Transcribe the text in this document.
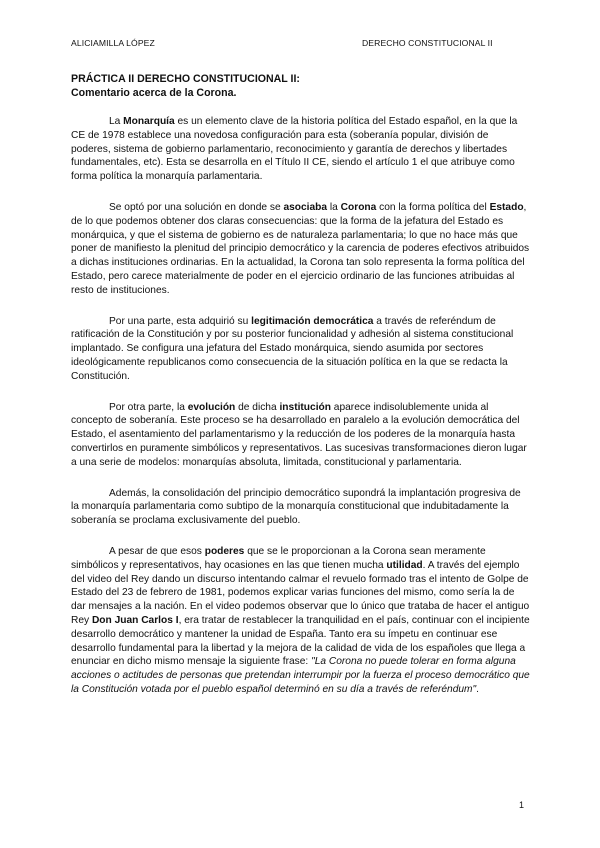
ALICIAMILLA LÓPEZ	DERECHO CONSTITUCIONAL II
PRÁCTICA II DERECHO CONSTITUCIONAL II:
Comentario acerca de la Corona.

La Monarquía es un elemento clave de la historia política del Estado español, en la que la CE de 1978 establece una novedosa configuración para esta (soberanía popular, división de poderes, sistema de gobierno parlamentario, reconocimiento y garantía de derechos y libertades fundamentales, etc). Esta se desarrolla en el Título II CE, siendo el artículo 1 el que atribuye como forma política la monarquía parlamentaria.

Se optó por una solución en donde se asociaba la Corona con la forma política del Estado, de lo que podemos obtener dos claras consecuencias: que la forma de la jefatura del Estado es monárquica, y que el sistema de gobierno es de naturaleza parlamentaria; lo que no hace más que poner de manifiesto la plenitud del principio democrático y la carencia de poderes efectivos atribuidos a dichas instituciones ordinarias. En la actualidad, la Corona tan solo representa la forma política del Estado, pero carece materialmente de poder en el ejercicio ordinario de las funciones atribuidas al resto de instituciones.

Por una parte, esta adquirió su legitimación democrática a través de referéndum de ratificación de la Constitución y por su posterior funcionalidad y adhesión al sistema constitucional implantado. Se configura una jefatura del Estado monárquica, siendo asumida por sectores ideológicamente republicanos como consecuencia de la situación política en la que se redacta la Constitución.

Por otra parte, la evolución de dicha institución aparece indisolublemente unida al concepto de soberanía. Este proceso se ha desarrollado en paralelo a la evolución democrática del Estado, el asentamiento del parlamentarismo y la reducción de los poderes de la monarquía hasta convertirlos en puramente simbólicos y representativos. Las sucesivas transformaciones dieron lugar a una serie de modelos: monarquías absoluta, limitada, constitucional y parlamentaria.

Además, la consolidación del principio democrático supondrá la implantación progresiva de la monarquía parlamentaria como subtipo de la monarquía constitucional que indubitadamente la soberanía se proclama exclusivamente del pueblo.

A pesar de que esos poderes que se le proporcionan a la Corona sean meramente simbólicos y representativos, hay ocasiones en las que tienen mucha utilidad. A través del ejemplo del video del Rey dando un discurso intentando calmar el revuelo formado tras el intento de Golpe de Estado del 23 de febrero de 1981, podemos explicar varias funciones del mismo, como sería la de dar mensajes a la nación. En el video podemos observar que lo único que trataba de hacer el antiguo Rey Don Juan Carlos I, era tratar de restablecer la tranquilidad en el país, continuar con el incipiente desarrollo democrático y mantener la unidad de España. Tanto era su ímpetu en continuar ese desarrollo fundamental para la libertad y la mejora de la calidad de vida de los españoles que llega a enunciar en dicho mismo mensaje la siguiente frase: "La Corona no puede tolerar en forma alguna acciones o actitudes de personas que pretendan interrumpir por la fuerza el proceso democrático que la Constitución votada por el pueblo español determinó en su día a través de referéndum".

1
